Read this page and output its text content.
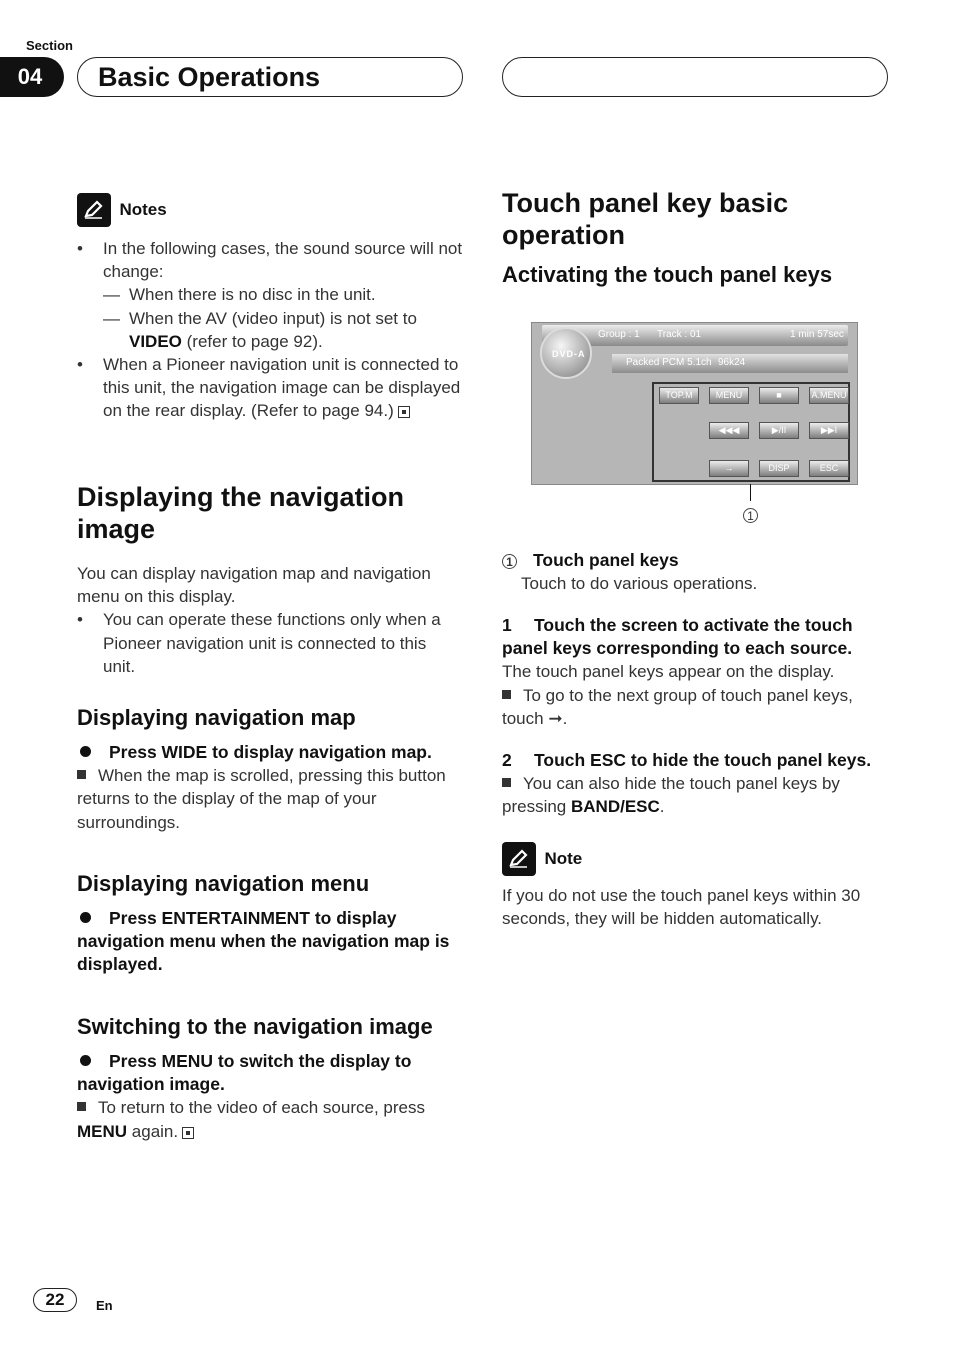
Section
04	Basic Operations
Notes
• In the following cases, the sound source will not change:
— When there is no disc in the unit.
— When the AV (video input) is not set to VIDEO (refer to page 92).
• When a Pioneer navigation unit is connected to this unit, the navigation image can be displayed on the rear display. (Refer to page 94.)
Displaying the navigation image
You can display navigation map and navigation menu on this display.
• You can operate these functions only when a Pioneer navigation unit is connected to this unit.
Displaying navigation map
Press WIDE to display navigation map.
When the map is scrolled, pressing this button returns to the display of the map of your surroundings.
Displaying navigation menu
Press ENTERTAINMENT to display navigation menu when the navigation map is displayed.
Switching to the navigation image
Press MENU to switch the display to navigation image.
To return to the video of each source, press MENU again.
Touch panel key basic operation
Activating the touch panel keys
Group : 1 Track : 01	1 min 57sec
Packed PCM 5.1ch 96k24
DVD-A
TOP.M	MENU	■	A.MENU
◀◀◀	▶/II	▶▶I
→	DISP	ESC
1
1 Touch panel keys
Touch to do various operations.
1 Touch the screen to activate the touch panel keys corresponding to each source.
The touch panel keys appear on the display.
To go to the next group of touch panel keys, touch ➞.
2 Touch ESC to hide the touch panel keys.
You can also hide the touch panel keys by pressing BAND/ESC.
Note
If you do not use the touch panel keys within 30 seconds, they will be hidden automatically.
22	En
